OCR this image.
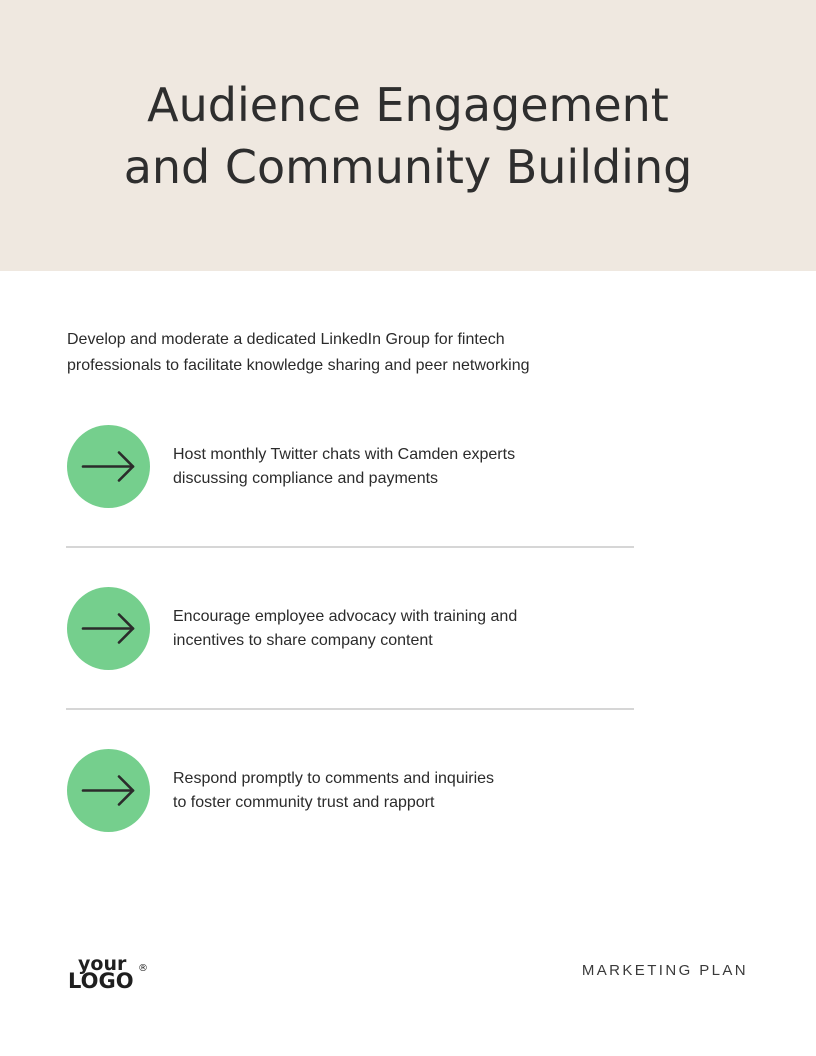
Audience Engagement
and Community Building

Develop and moderate a dedicated LinkedIn Group for fintech
professionals to facilitate knowledge sharing and peer networking

Host monthly Twitter chats with Camden experts
discussing compliance and payments
Encourage employee advocacy with training and
incentives to share company content
Respond promptly to comments and inquiries
to foster community trust and rapport
your
LOGO
®	MARKETING PLAN
